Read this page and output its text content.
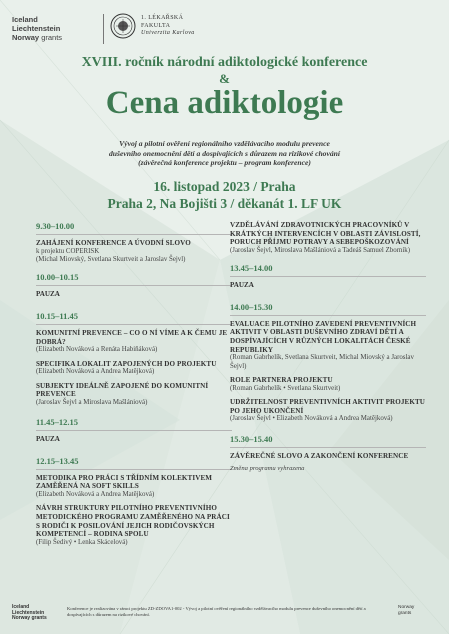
Iceland
Liechtenstein
Norway grants
1. LÉKAŘSKÁ
FAKULTA
Univerzita Karlova
XVIII. ročník národní adiktologické konference
&
Cena adiktologie
Vývoj a pilotní ověření regionálního vzdělávacího modulu prevence
duševního onemocnění dětí a dospívajících s důrazem na rizikové chování
(závěrečná konference projektu – program konference)
16. listopad 2023 / Praha
Praha 2, Na Bojišti 3 / děkanát 1. LF UK
9.30–10.00
ZAHÁJENÍ KONFERENCE A ÚVODNÍ SLOVO
k projektu COPERISK
(Michal Miovský, Svetlana Skurtveit a Jaroslav Šejvl)
10.00–10.15
PAUZA
10.15–11.45
KOMUNITNÍ PREVENCE – CO O NÍ VÍME A K ČEMU JE DOBRÁ?
(Elizabeth Nováková a Renáta Habiňáková)
SPECIFIKA LOKALIT ZAPOJENÝCH DO PROJEKTU
(Elizabeth Nováková a Andrea Matějková)
SUBJEKTY IDEÁLNĚ ZAPOJENÉ DO KOMUNITNÍ PREVENCE
(Jaroslav Šejvl a Miroslava Mašlániová)
11.45–12.15
PAUZA
12.15–13.45
METODIKA PRO PRÁCI S TŘÍDNÍM KOLEKTIVEM ZAMĚŘENÁ NA SOFT SKILLS
(Elizabeth Nováková a Andrea Matějková)
NÁVRH STRUKTURY PILOTNÍHO PREVENTIVNÍHO METODICKÉHO PROGRAMU ZAMĚŘENÉHO NA PRÁCI S RODIČI K POSILOVÁNÍ JEJICH RODIČOVSKÝCH KOMPETENCÍ – RODINA SPOLU
(Filip Šedivý • Lenka Skácelová)
VZDĚLÁVÁNÍ ZDRAVOTNICKÝCH PRACOVNÍKŮ V KRÁTKÝCH INTERVENCÍCH V OBLASTI ZÁVISLOSTÍ, PORUCH PŘÍJMU POTRAVY A SEBEPOŠKOZOVÁNÍ
(Jaroslav Šejvl, Miroslava Mašlániová a Tadeáš Samuel Zborník)
13.45–14.00
PAUZA
14.00–15.30
EVALUACE PILOTNÍHO ZAVEDENÍ PREVENTIVNÍCH AKTIVIT V OBLASTI DUŠEVNÍHO ZDRAVÍ DĚTÍ A DOSPÍVAJÍCÍCH V RŮZNÝCH LOKALITÁCH ČESKÉ REPUBLIKY
(Roman Gabrhelík, Svetlana Skurtveit, Michal Miovský a Jaroslav Šejvl)
ROLE PARTNERA PROJEKTU
(Roman Gabrhelík • Svetlana Skurtveit)
UDRŽITELNOST PREVENTIVNÍCH AKTIVIT PROJEKTU PO JEHO UKONČENÍ
(Jaroslav Šejvl • Elizabeth Nováková a Andrea Matějková)
15.30–15.40
ZÁVĚREČNÉ SLOVO A ZAKONČENÍ KONFERENCE
Změna programu vyhrazena
Iceland
Liechtenstein
Norway grants
Konference je realizována v rámci projektu ZD-ZDOVA1-002 - Vývoj a pilotní ověření regionálního vzdělávacího modulu prevence duševního onemocnění dětí a dospívajících s důrazem na rizikové chování.
Norway
grants
